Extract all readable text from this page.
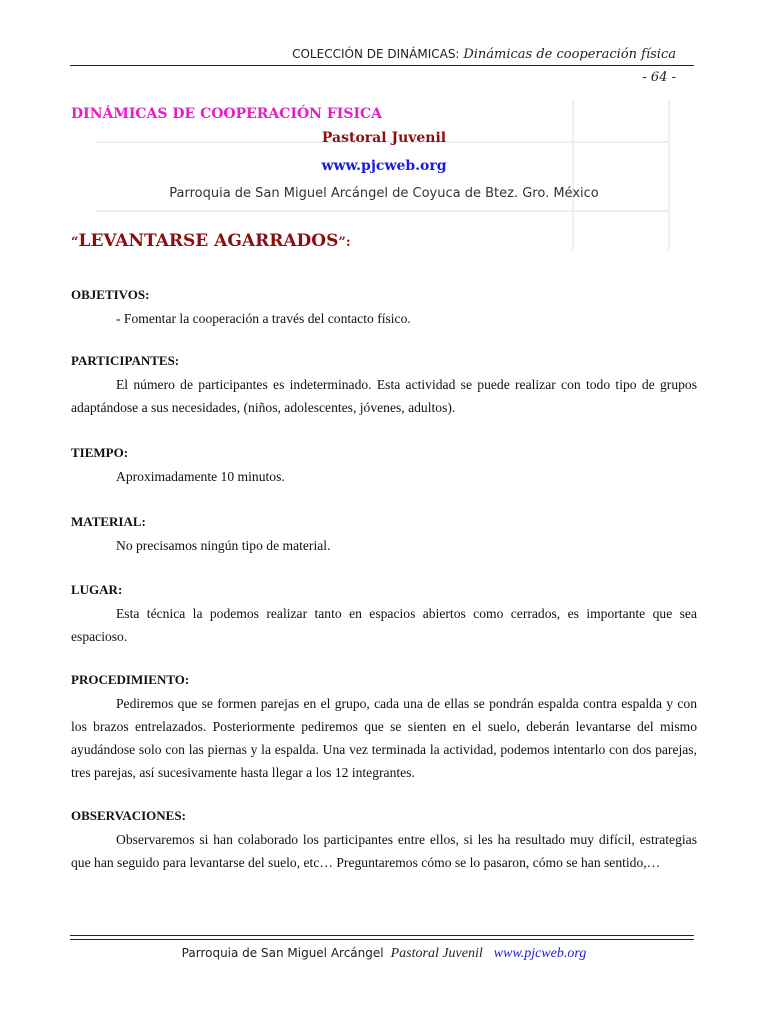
COLECCIÓN DE DINÁMICAS: Dinámicas de cooperación física
- 64 -
DINÁMICAS DE COOPERACIÓN FISICA
Pastoral Juvenil
www.pjcweb.org
Parroquia de San Miguel Arcángel de Coyuca de Btez. Gro. México
“LEVANTARSE AGARRADOS”:
OBJETIVOS:
- Fomentar la cooperación a través del contacto físico.
PARTICIPANTES:
El número de participantes es indeterminado. Esta actividad se puede realizar con todo tipo de grupos adaptándose a sus necesidades, (niños, adolescentes, jóvenes, adultos).
TIEMPO:
Aproximadamente 10 minutos.
MATERIAL:
No precisamos ningún tipo de material.
LUGAR:
Esta técnica la podemos realizar tanto en espacios abiertos como cerrados, es importante que sea espacioso.
PROCEDIMIENTO:
Pediremos que se formen parejas en el grupo, cada una de ellas se pondrán espalda contra espalda y con los brazos entrelazados. Posteriormente pediremos que se sienten en el suelo, deberán levantarse del mismo ayudándose solo con las piernas y la espalda. Una vez terminada la actividad, podemos intentarlo con dos parejas, tres parejas, así sucesivamente hasta llegar a los 12 integrantes.
OBSERVACIONES:
Observaremos si han colaborado los participantes entre ellos, si les ha resultado muy difícil, estrategias que han seguido para levantarse del suelo, etc… Preguntaremos cómo se lo pasaron, cómo se han sentido,…
Parroquia de San Miguel Arcángel Pastoral Juvenil www.pjcweb.org
